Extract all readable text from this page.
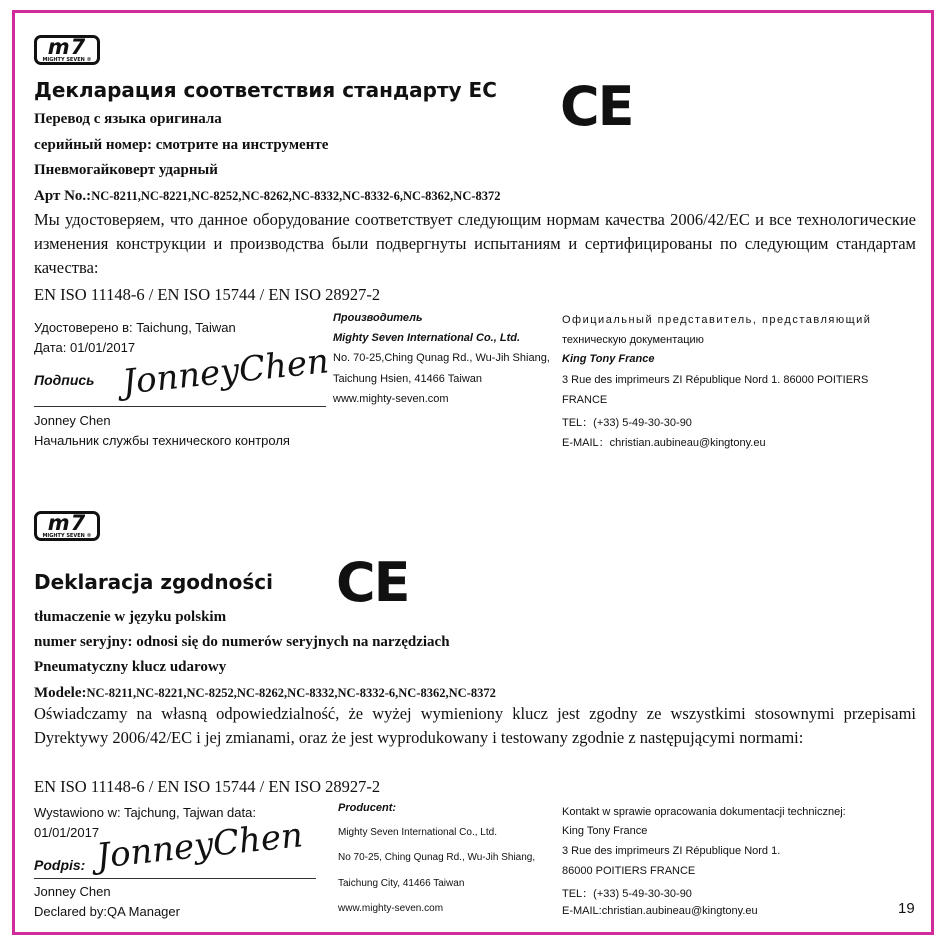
m7
MIGHTY SEVEN ®
Декларация соответствия стандарту ЕС CE
Перевод с языка оригинала
серийный номер: смотрите на инструменте
Пневмогайковерт ударный
Арт No.:NC-8211,NC-8221,NC-8252,NC-8262,NC-8332,NC-8332-6,NC-8362,NC-8372
Мы удостоверяем, что данное оборудование соответствует следующим нормам качества 2006/42/ЕС и все технологические изменения конструкции и производства были подвергнуты испытаниям и сертифицированы по следующим стандартам качества:
EN ISO 11148-6 / EN ISO 15744 / EN ISO 28927-2
Удостоверено в: Taichung, Taiwan
Дата: 01/01/2017
Подпись JonneyChen
Jonney Chen
Начальник службы технического контроля
Производитель
Mighty Seven International Co., Ltd.
No. 70-25,Ching Qunag Rd., Wu-Jih Shiang,
Taichung Hsien, 41466 Taiwan
www.mighty-seven.com
Официальный представитель, представляющий
техническую документацию
King Tony France
3 Rue des imprimeurs ZI République Nord 1. 86000 POITIERS
FRANCE
TEL：(+33) 5-49-30-30-90
E-MAIL：christian.aubineau@kingtony.eu
m7
MIGHTY SEVEN ®
Deklaracja zgodności CE
tłumaczenie w języku polskim
numer seryjny: odnosi się do numerów seryjnych na narzędziach
Pneumatyczny klucz udarowy
Modele:NC-8211,NC-8221,NC-8252,NC-8262,NC-8332,NC-8332-6,NC-8362,NC-8372
Oświadczamy na własną odpowiedzialność, że wyżej wymieniony klucz jest zgodny ze wszystkimi stosownymi przepisami Dyrektywy 2006/42/EC i jej zmianami, oraz że jest wyprodukowany i testowany zgodnie z następującymi normami:
EN ISO 11148-6 / EN ISO 15744 / EN ISO 28927-2
Wystawiono w: Tajchung, Tajwan data:
01/01/2017
Podpis: JonneyChen
Jonney Chen
Declared by:QA Manager
Producent:
Mighty Seven International Co., Ltd.
No 70-25, Ching Qunag Rd., Wu-Jih Shiang,
Taichung City, 41466 Taiwan
www.mighty-seven.com
Kontakt w sprawie opracowania dokumentacji technicznej:
King Tony France
3 Rue des imprimeurs ZI République Nord 1.
86000 POITIERS FRANCE
TEL：(+33) 5-49-30-30-90
E-MAIL:christian.aubineau@kingtony.eu	19
